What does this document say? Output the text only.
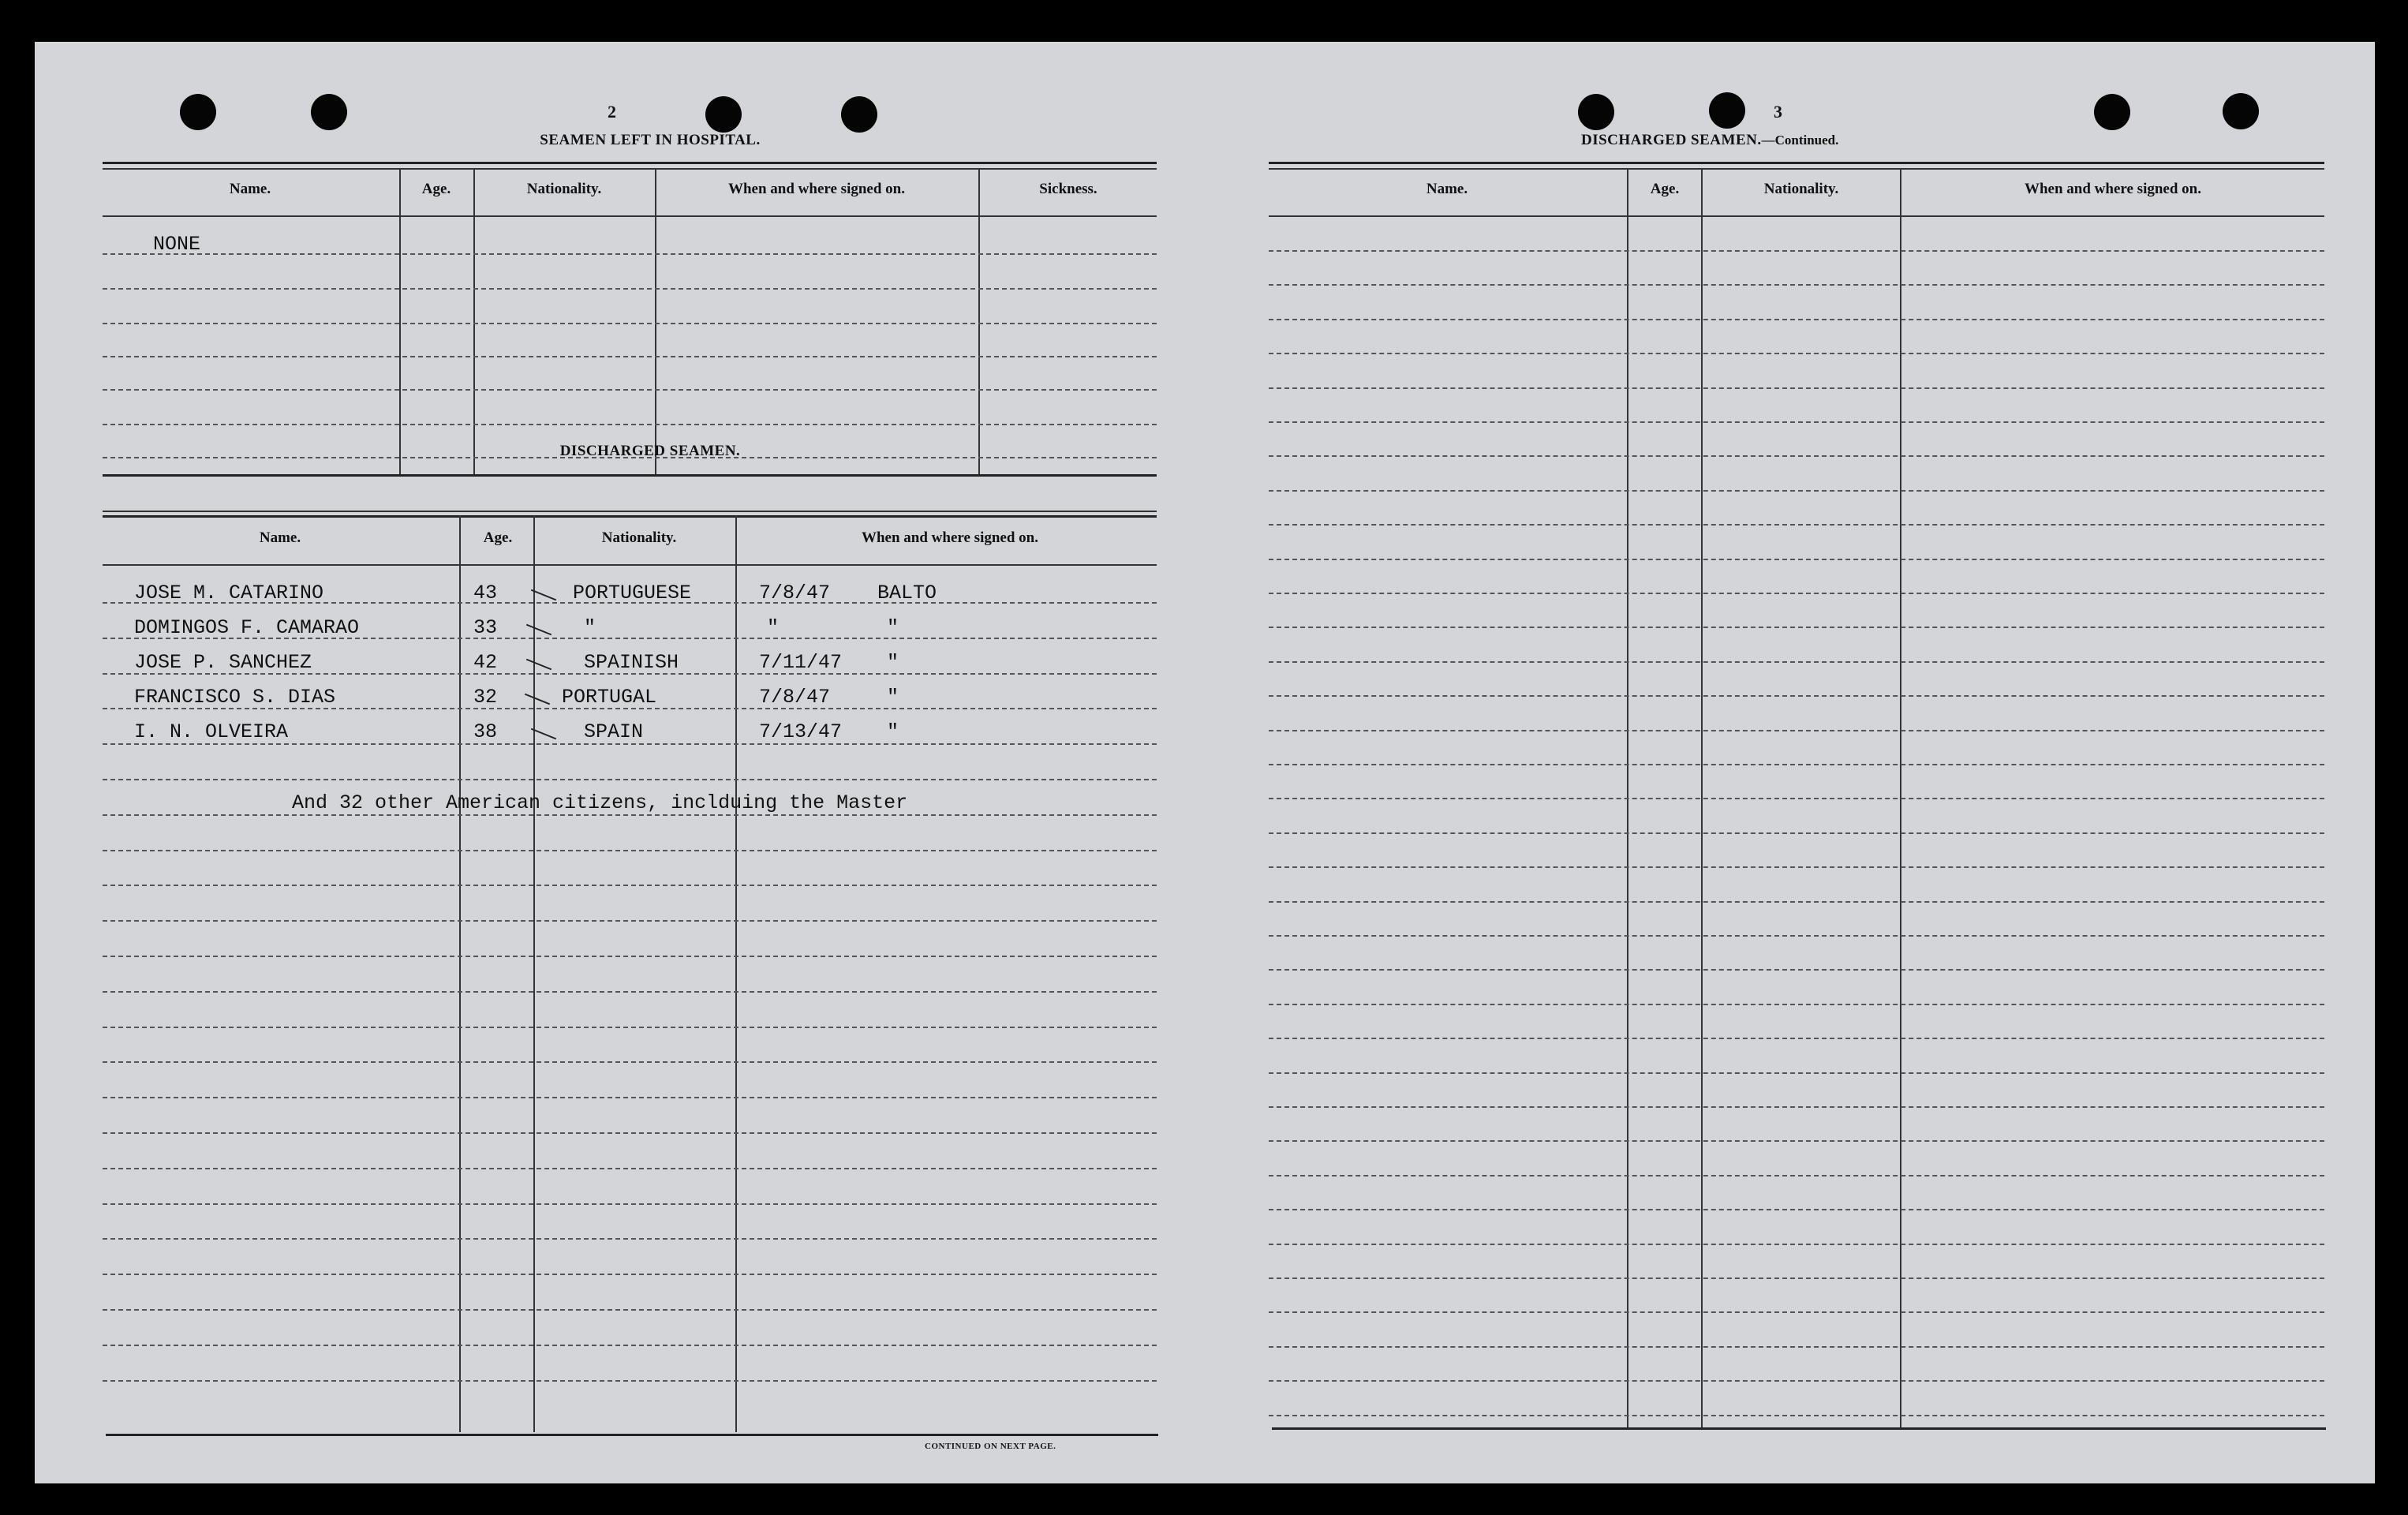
2
SEAMEN LEFT IN HOSPITAL.
Name.	Age.	Nationality.	When and where signed on.	Sickness.
NONE
DISCHARGED SEAMEN.
Name.	Age.	Nationality.	When and where signed on.
JOSE M. CATARINO	43	PORTUGUESE	7/8/47 BALTO
DOMINGOS F. CAMARAO	33	"	"	"
JOSE P. SANCHEZ	42	SPAINISH	7/11/47 "
FRANCISCO S. DIAS	32	PORTUGAL	7/8/47	"
I. N. OLVEIRA	38	SPAIN	7/13/47 "
And 32 other American citizens, inclduing the Master
CONTINUED ON NEXT PAGE.
3
DISCHARGED SEAMEN.—Continued.
Name.	Age.	Nationality.	When and where signed on.
